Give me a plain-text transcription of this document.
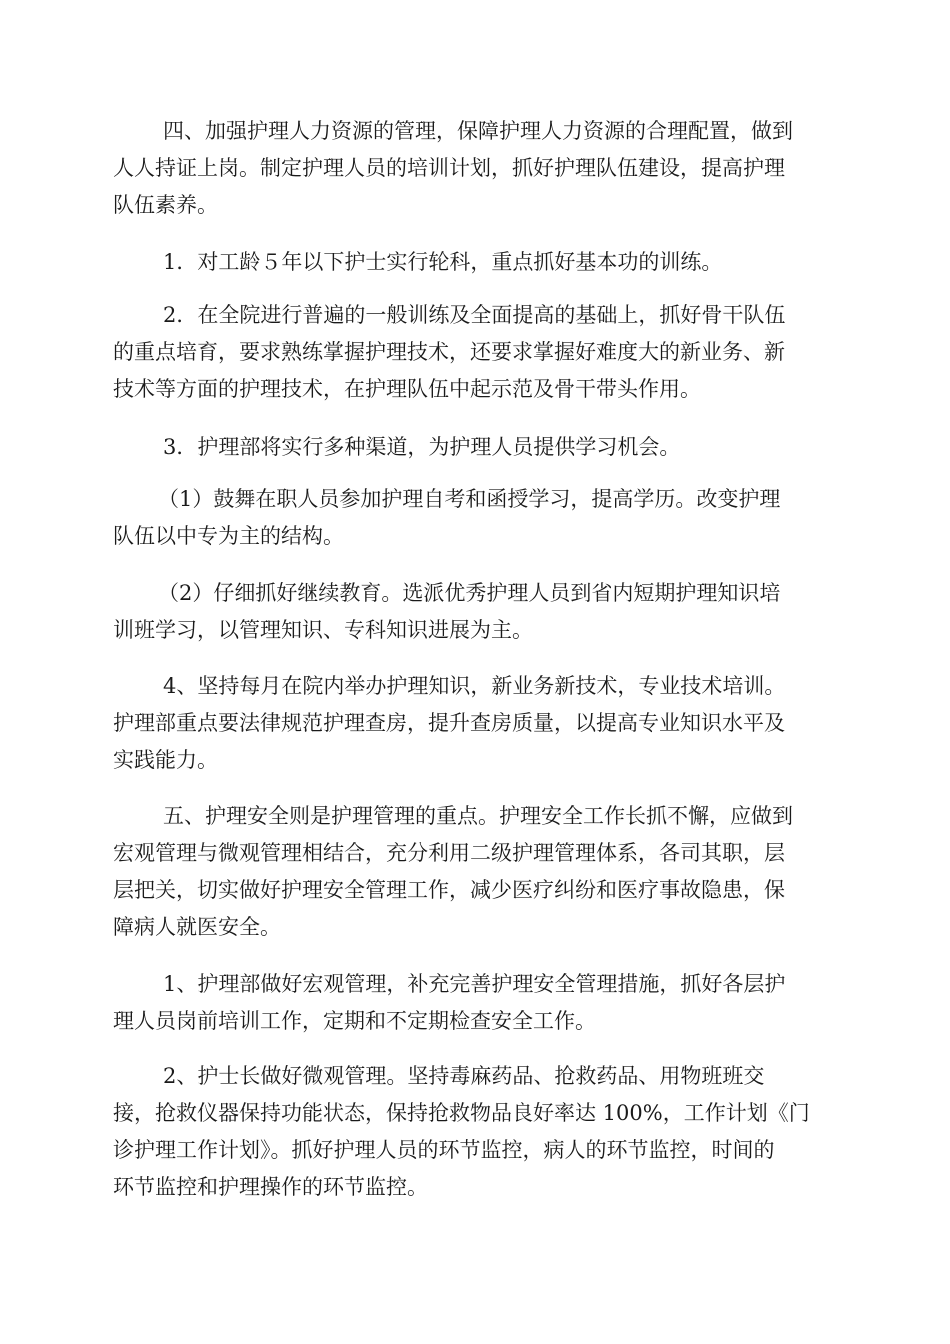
四、加强护理人力资源的管理，保障护理人力资源的合理配置，做到
人人持证上岗。制定护理人员的培训计划，抓好护理队伍建设，提高护理
队伍素养。
1．对工龄５年以下护士实行轮科，重点抓好基本功的训练。
2．在全院进行普遍的一般训练及全面提高的基础上，抓好骨干队伍
的重点培育，要求熟练掌握护理技术，还要求掌握好难度大的新业务、新
技术等方面的护理技术，在护理队伍中起示范及骨干带头作用。
3．护理部将实行多种渠道，为护理人员提供学习机会。
（1）鼓舞在职人员参加护理自考和函授学习，提高学历。改变护理
队伍以中专为主的结构。
（2）仔细抓好继续教育。选派优秀护理人员到省内短期护理知识培
训班学习，以管理知识、专科知识进展为主。
4、坚持每月在院内举办护理知识，新业务新技术，专业技术培训。
护理部重点要法律规范护理查房，提升查房质量，以提高专业知识水平及
实践能力。
五、护理安全则是护理管理的重点。护理安全工作长抓不懈，应做到
宏观管理与微观管理相结合，充分利用二级护理管理体系，各司其职，层
层把关，切实做好护理安全管理工作，减少医疗纠纷和医疗事故隐患，保
障病人就医安全。
1、护理部做好宏观管理，补充完善护理安全管理措施，抓好各层护
理人员岗前培训工作，定期和不定期检查安全工作。
2、护士长做好微观管理。坚持毒麻药品、抢救药品、用物班班交
接，抢救仪器保持功能状态，保持抢救物品良好率达 100%，工作计划《门
诊护理工作计划》。抓好护理人员的环节监控，病人的环节监控，时间的
环节监控和护理操作的环节监控。
